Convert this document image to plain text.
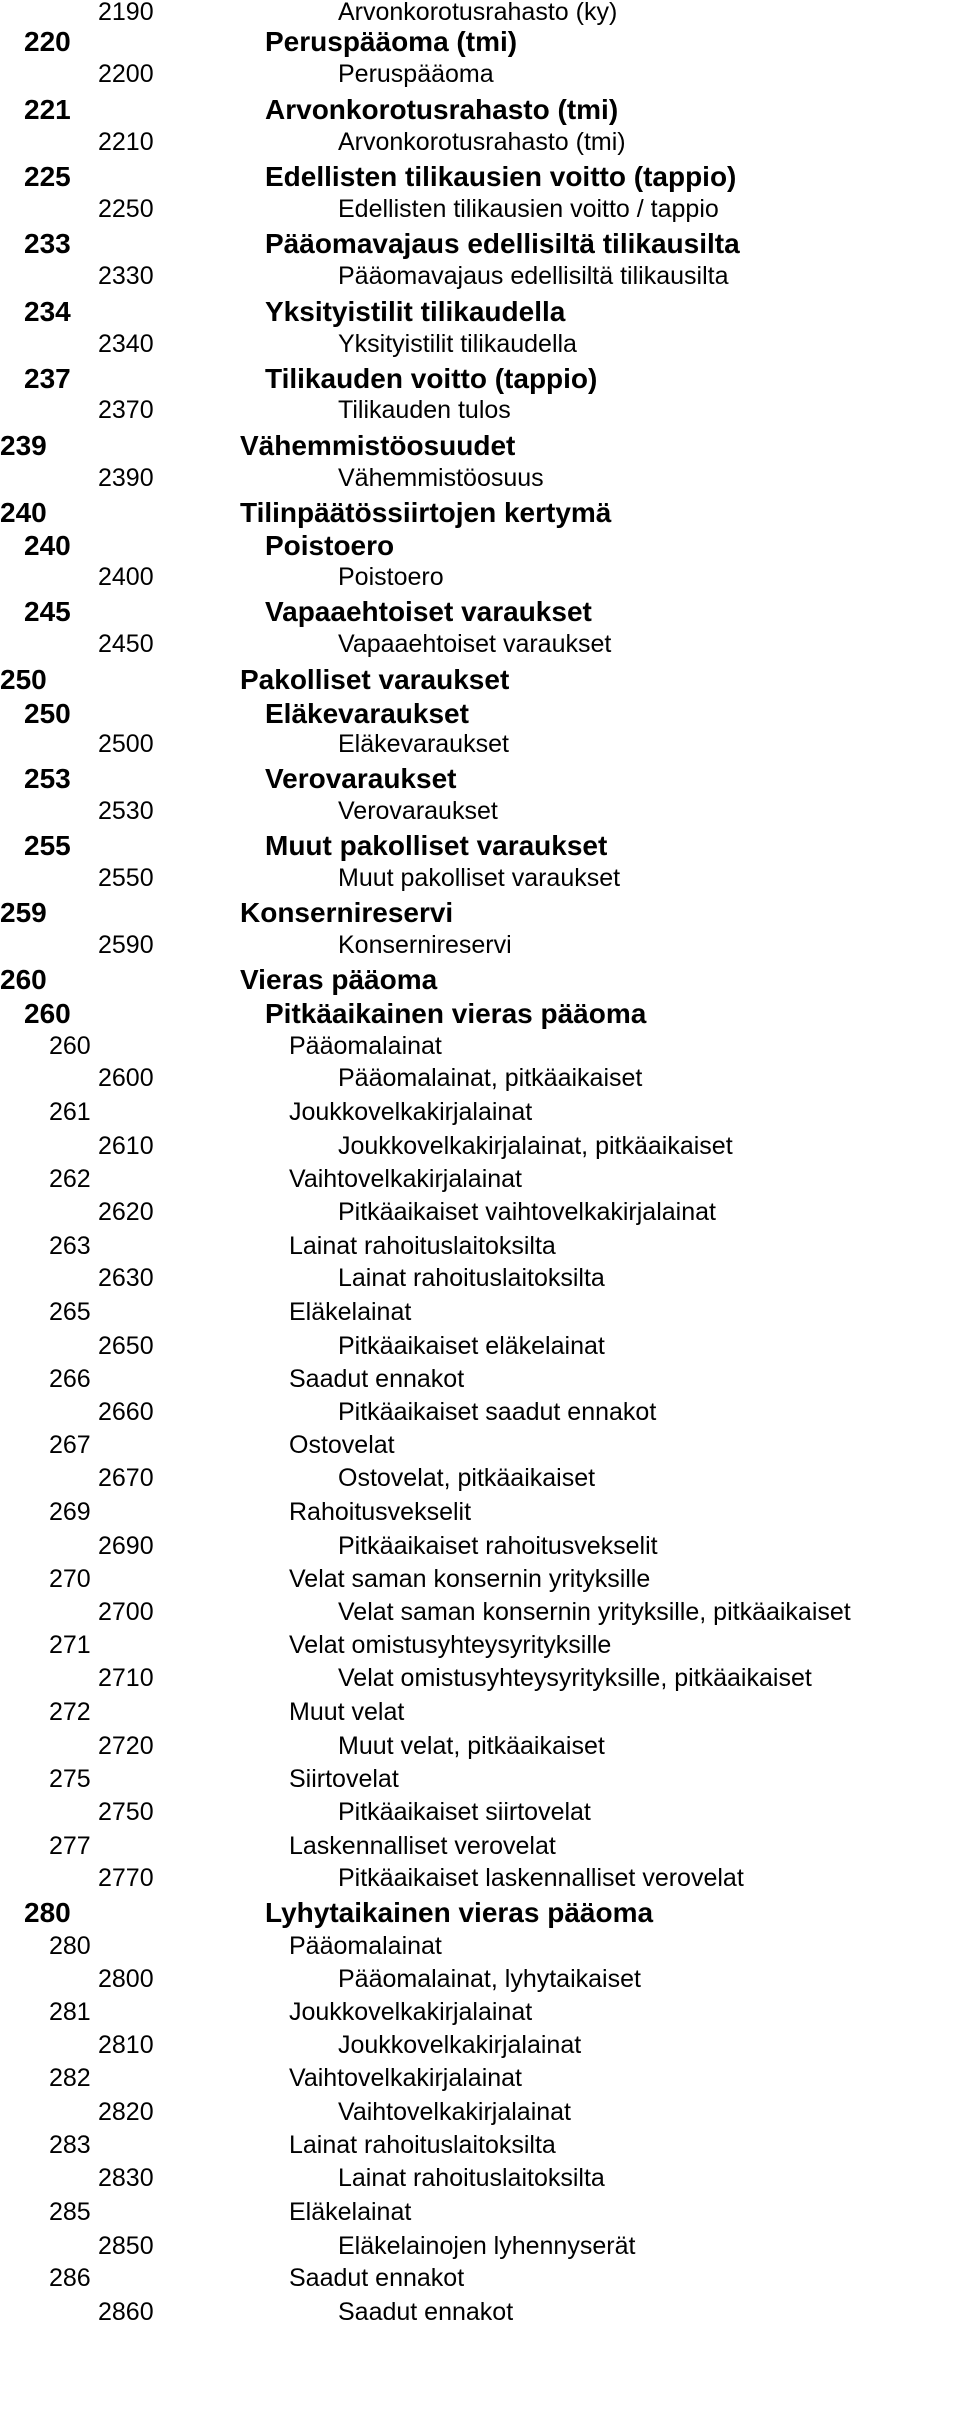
2190	Arvonkorotusrahasto (ky)
220	Peruspääoma (tmi)
2200	Peruspääoma
221	Arvonkorotusrahasto (tmi)
2210	Arvonkorotusrahasto (tmi)
225	Edellisten tilikausien voitto (tappio)
2250	Edellisten tilikausien voitto / tappio
233	Pääomavajaus edellisiltä tilikausilta
2330	Pääomavajaus edellisiltä tilikausilta
234	Yksityistilit tilikaudella
2340	Yksityistilit tilikaudella
237	Tilikauden voitto (tappio)
2370	Tilikauden tulos
239	Vähemmistöosuudet
2390	Vähemmistöosuus
240	Tilinpäätössiirtojen kertymä
240	Poistoero
2400	Poistoero
245	Vapaaehtoiset varaukset
2450	Vapaaehtoiset varaukset
250	Pakolliset varaukset
250	Eläkevaraukset
2500	Eläkevaraukset
253	Verovaraukset
2530	Verovaraukset
255	Muut pakolliset varaukset
2550	Muut pakolliset varaukset
259	Konsernireservi
2590	Konsernireservi
260	Vieras pääoma
260	Pitkäaikainen vieras pääoma
260	Pääomalainat
2600	Pääomalainat, pitkäaikaiset
261	Joukkovelkakirjalainat
2610	Joukkovelkakirjalainat, pitkäaikaiset
262	Vaihtovelkakirjalainat
2620	Pitkäaikaiset vaihtovelkakirjalainat
263	Lainat rahoituslaitoksilta
2630	Lainat rahoituslaitoksilta
265	Eläkelainat
2650	Pitkäaikaiset eläkelainat
266	Saadut ennakot
2660	Pitkäaikaiset saadut ennakot
267	Ostovelat
2670	Ostovelat, pitkäaikaiset
269	Rahoitusvekselit
2690	Pitkäaikaiset rahoitusvekselit
270	Velat saman konsernin yrityksille
2700	Velat saman konsernin yrityksille, pitkäaikaiset
271	Velat omistusyhteysyrityksille
2710	Velat omistusyhteysyrityksille, pitkäaikaiset
272	Muut velat
2720	Muut velat, pitkäaikaiset
275	Siirtovelat
2750	Pitkäaikaiset siirtovelat
277	Laskennalliset verovelat
2770	Pitkäaikaiset laskennalliset verovelat
280	Lyhytaikainen vieras pääoma
280	Pääomalainat
2800	Pääomalainat, lyhytaikaiset
281	Joukkovelkakirjalainat
2810	Joukkovelkakirjalainat
282	Vaihtovelkakirjalainat
2820	Vaihtovelkakirjalainat
283	Lainat rahoituslaitoksilta
2830	Lainat rahoituslaitoksilta
285	Eläkelainat
2850	Eläkelainojen lyhennyserät
286	Saadut ennakot
2860	Saadut ennakot
